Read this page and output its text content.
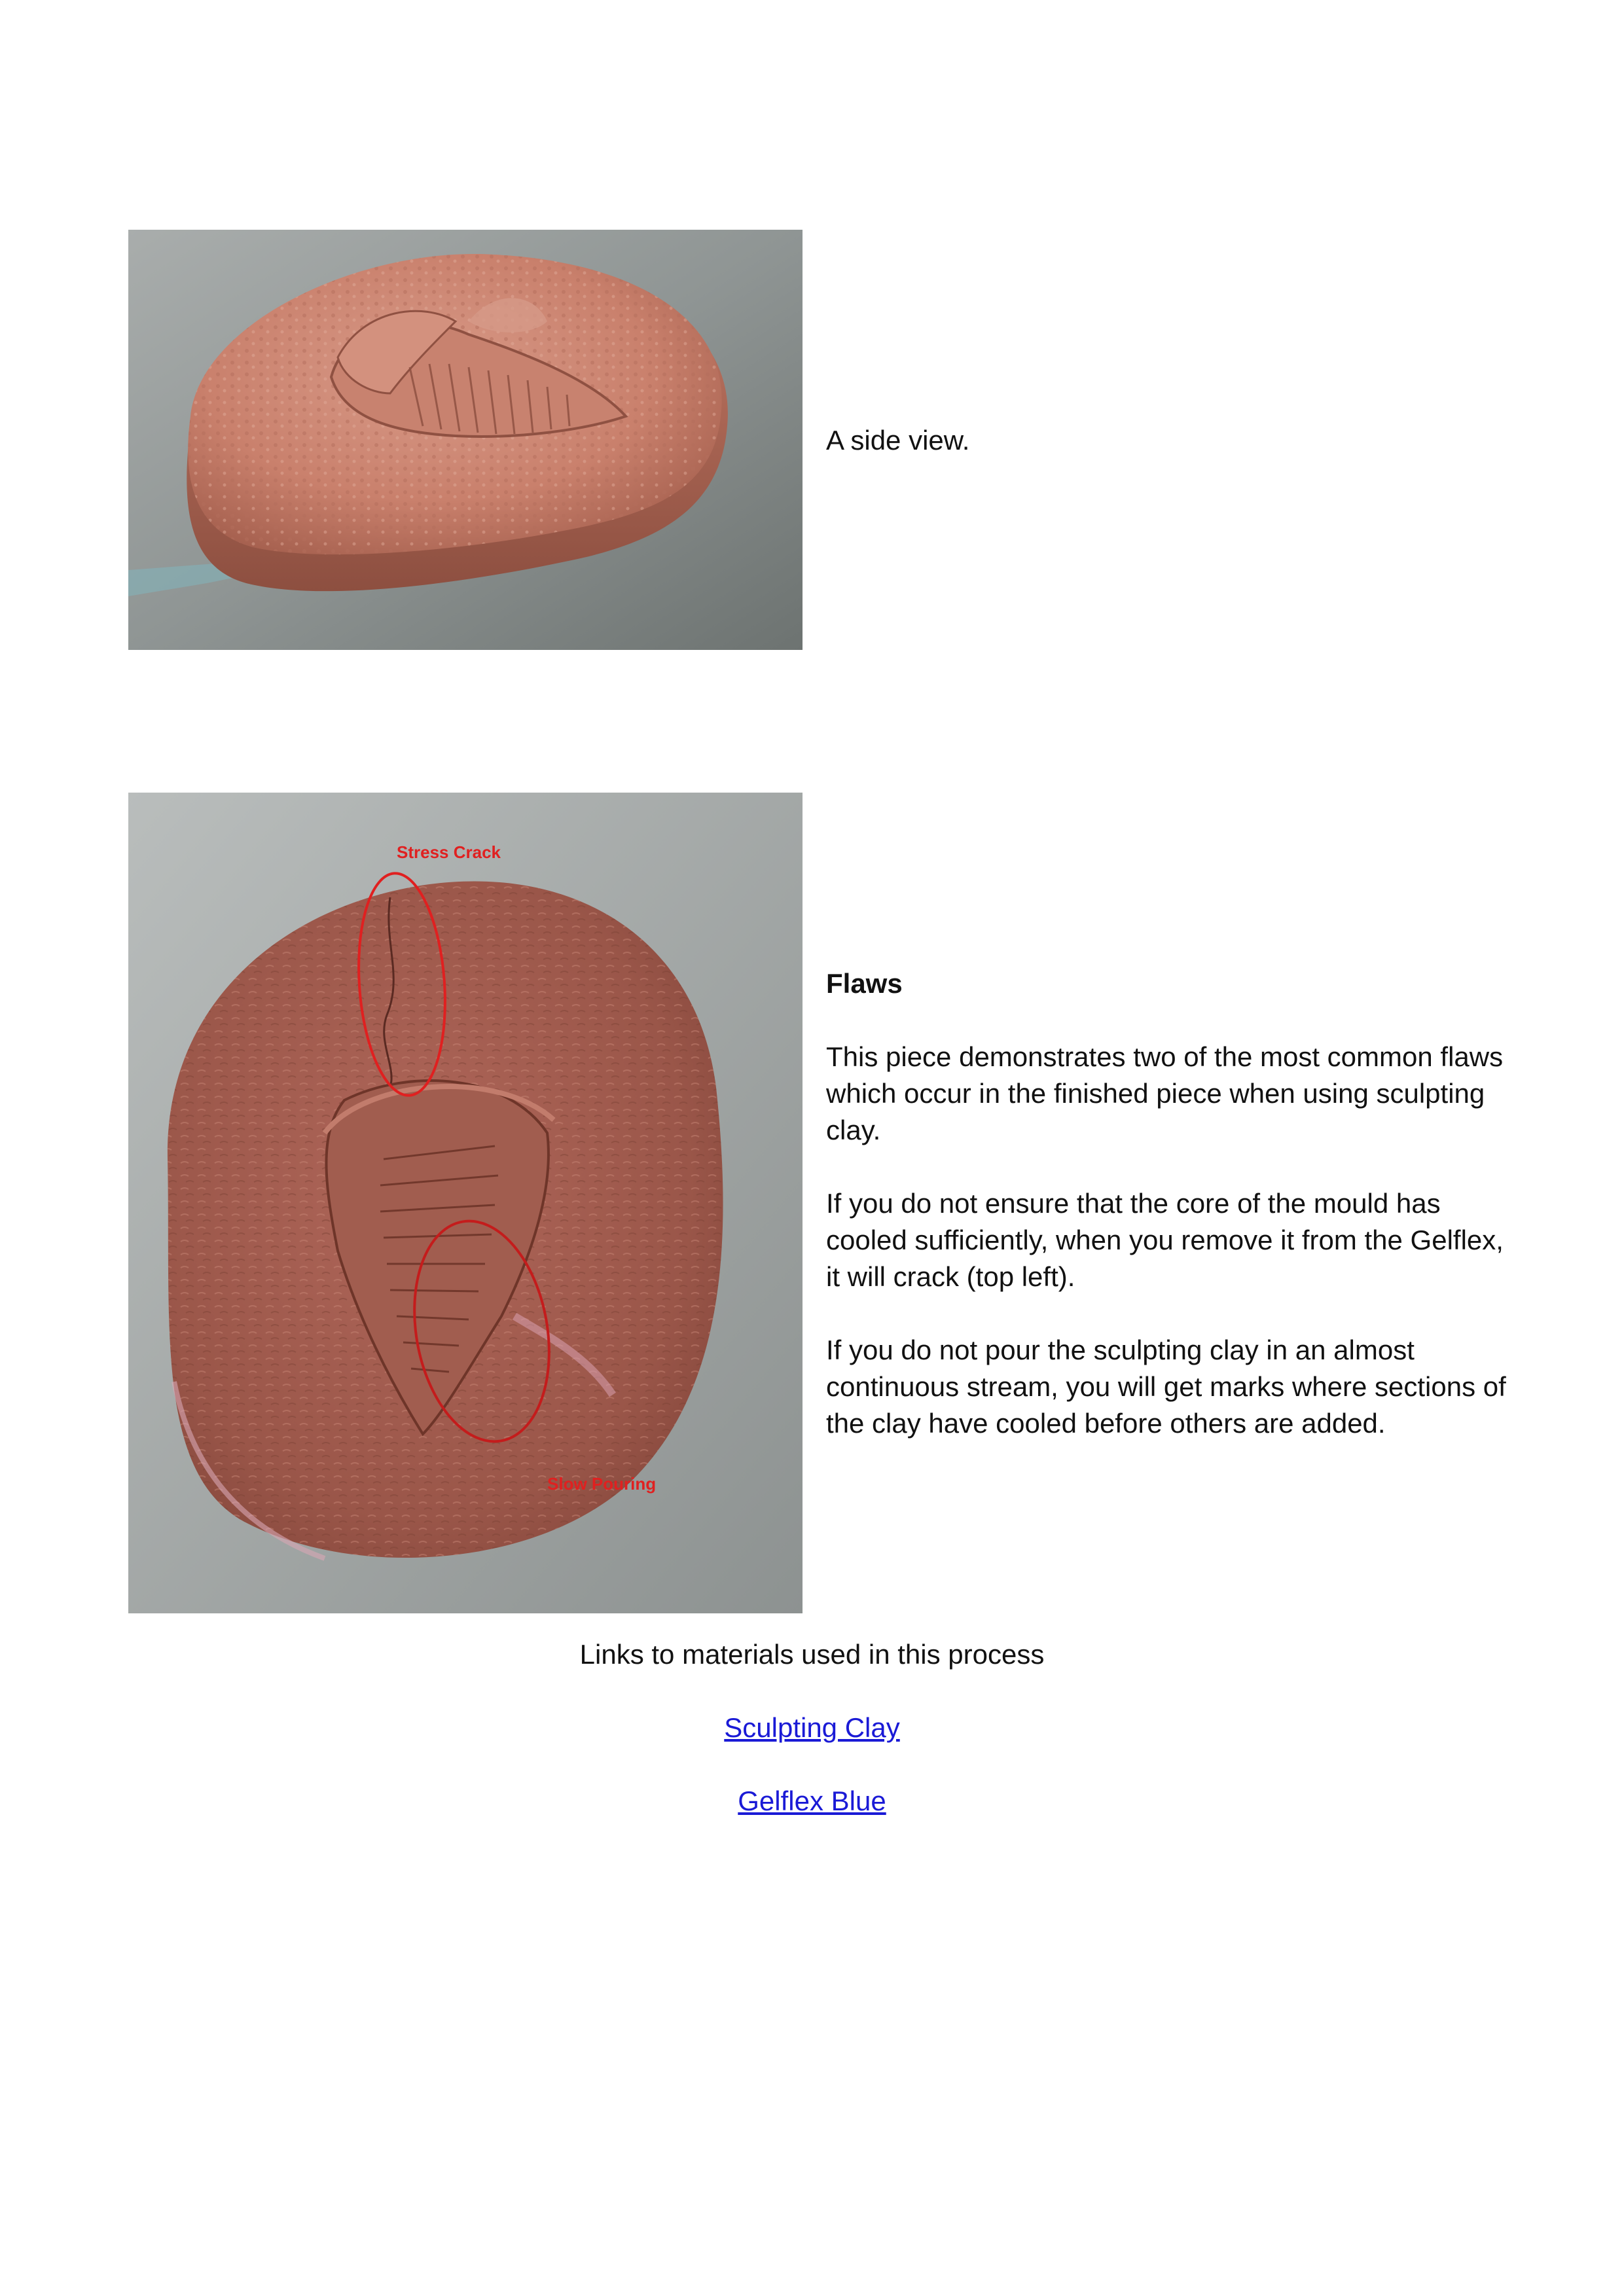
A side view.
Stress Crack
Slow Pouring

Flaws

This piece demonstrates two of the most common flaws which occur in the finished piece when using sculpting clay.

If you do not ensure that the core of the mould has cooled sufficiently, when you remove it from the Gelflex, it will crack (top left).

If you do not pour the sculpting clay in an almost continuous stream, you will get marks where sections of the clay have cooled before others are added.

Links to materials used in this process

Sculpting Clay

Gelflex Blue
